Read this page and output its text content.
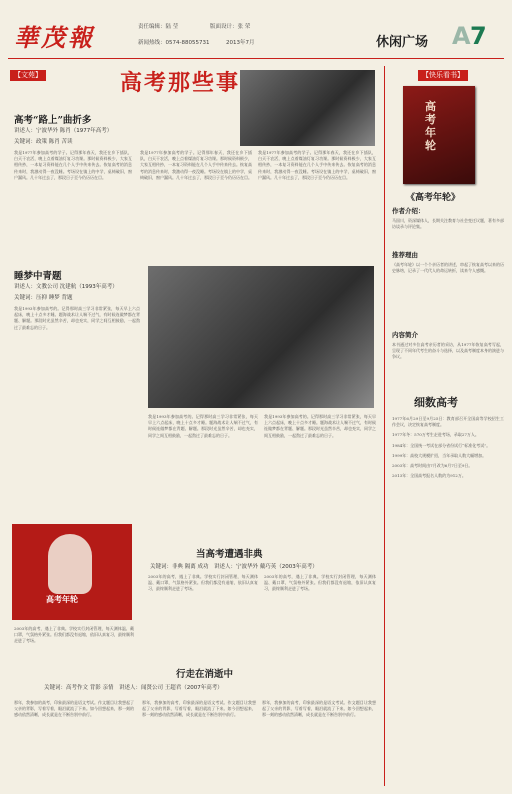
華茂報	责任编辑：陆 莹	版面设计：张 荣
新闻热线：0574-88055731	2013年7月	休闲广场 A 7
【文苑】	高考那些事
高考“路上”曲折多
讲述人：宁波华外 陈肖（1977年高考）
关键词：政策 陈肖 苦读
我是1977年参加高考的学子。记得那年春天，我还在乡下插队，白天干农活，晚上点着煤油灯复习功课。那时候资料极少，大家互相传抄，一本复习资料能在几个人手中传来传去。恢复高考的消息传来时，我激动得一夜没睡。考场设在镇上的中学，桌椅破旧，窗户漏风。几十年过去了，那段日子至今仍历历在目。
我是1977年参加高考的学子。记得那年春天，我还在乡下插队，白天干农活，晚上点着煤油灯复习功课。那时候资料极少，大家互相传抄，一本复习资料能在几个人手中传来传去。恢复高考的消息传来时，我激动得一夜没睡。考场设在镇上的中学，桌椅破旧，窗户漏风。几十年过去了，那段日子至今仍历历在目。
我是1977年参加高考的学子。记得那年春天，我还在乡下插队，白天干农活，晚上点着煤油灯复习功课。那时候资料极少，大家互相传抄，一本复习资料能在几个人手中传来传去。恢复高考的消息传来时，我激动得一夜没睡。考场设在镇上的中学，桌椅破旧，窗户漏风。几十年过去了，那段日子至今仍历历在目。
睡梦中青题
讲述人：文教公司 沈建航（1993年高考）
关键词：压抑 睡梦 背题
我是1993年参加高考的。记得那时高三学习非常紧张，每天早上六点起床，晚上十点多才睡。题海战术让人喘不过气，有时候连做梦都在背题、解题。那段时光虽然辛苦，却也充实，同学之间互相鼓励，一起熬过了最难忘的日子。
我是1993年参加高考的。记得那时高三学习非常紧张，每天早上六点起床，晚上十点多才睡。题海战术让人喘不过气，有时候连做梦都在背题、解题。那段时光虽然辛苦，却也充实，同学之间互相鼓励，一起熬过了最难忘的日子。
我是1993年参加高考的。记得那时高三学习非常紧张，每天早上六点起床，晚上十点多才睡。题海战术让人喘不过气，有时候连做梦都在背题、解题。那段时光虽然辛苦，却也充实，同学之间互相鼓励，一起熬过了最难忘的日子。
高考年轮
当高考遭遇非典
关键词：非典 隔离 成功　讲述人：宁波华外 戴巧英（2003年高考）
2003年的高考，遇上了非典。学校实行封闭管理，每天测体温、戴口罩，气氛格外紧张。但我们都没有退缩，依旧认真复习，最终顺利走进了考场。
2003年的高考，遇上了非典。学校实行封闭管理，每天测体温、戴口罩，气氛格外紧张。但我们都没有退缩，依旧认真复习，最终顺利走进了考场。
2003年的高考，遇上了非典。学校实行封闭管理，每天测体温、戴口罩，气氛格外紧张。但我们都没有退缩，依旧认真复习，最终顺利走进了考场。
行走在消逝中
关键词：高考作文 背影 亲情　讲述人：闻贤公司 王超君（2007年高考）
那年，我参加的高考，印象最深的是语文考试。作文题目让我想起了父亲的背影，写着写着，眼泪就流了下来。如今回想起来，那一刻的感动依然清晰，成长就是在不断告别中前行。
那年，我参加的高考，印象最深的是语文考试。作文题目让我想起了父亲的背影，写着写着，眼泪就流了下来。如今回想起来，那一刻的感动依然清晰，成长就是在不断告别中前行。
那年，我参加的高考，印象最深的是语文考试。作文题目让我想起了父亲的背影，写着写着，眼泪就流了下来。如今回想起来，那一刻的感动依然清晰，成长就是在不断告别中前行。
【快乐看书】
高考年轮
《高考年轮》
作者介绍：
马国川，资深媒体人，长期关注教育与社会变迁议题，著有多部访谈录与评论集。
推荐理由
《高考年轮》以一个个亲历者的讲述，串起了恢复高考以来的历史脉络，记录了一代代人的命运转折，读来令人感慨。
内容简介
本书通过对多位高考亲历者的采访，从1977年恢复高考写起，呈现了不同年代考生的奋斗与选择，以及高考制度本身的演进与争议。
细数高考

1977年6月29日至9月25日：教育部召开全国高等学校招生工作会议，决定恢复高考制度。

1977年冬：570万考生走进考场，录取27万人。

1984年：全国统一考试在部分省份试行“标准化考试”。

1999年：高校大规模扩招，当年录取人数大幅增加。

2003年：高考时间由7月改为6月7日至9日。

2013年：全国高考报名人数约为912万。
